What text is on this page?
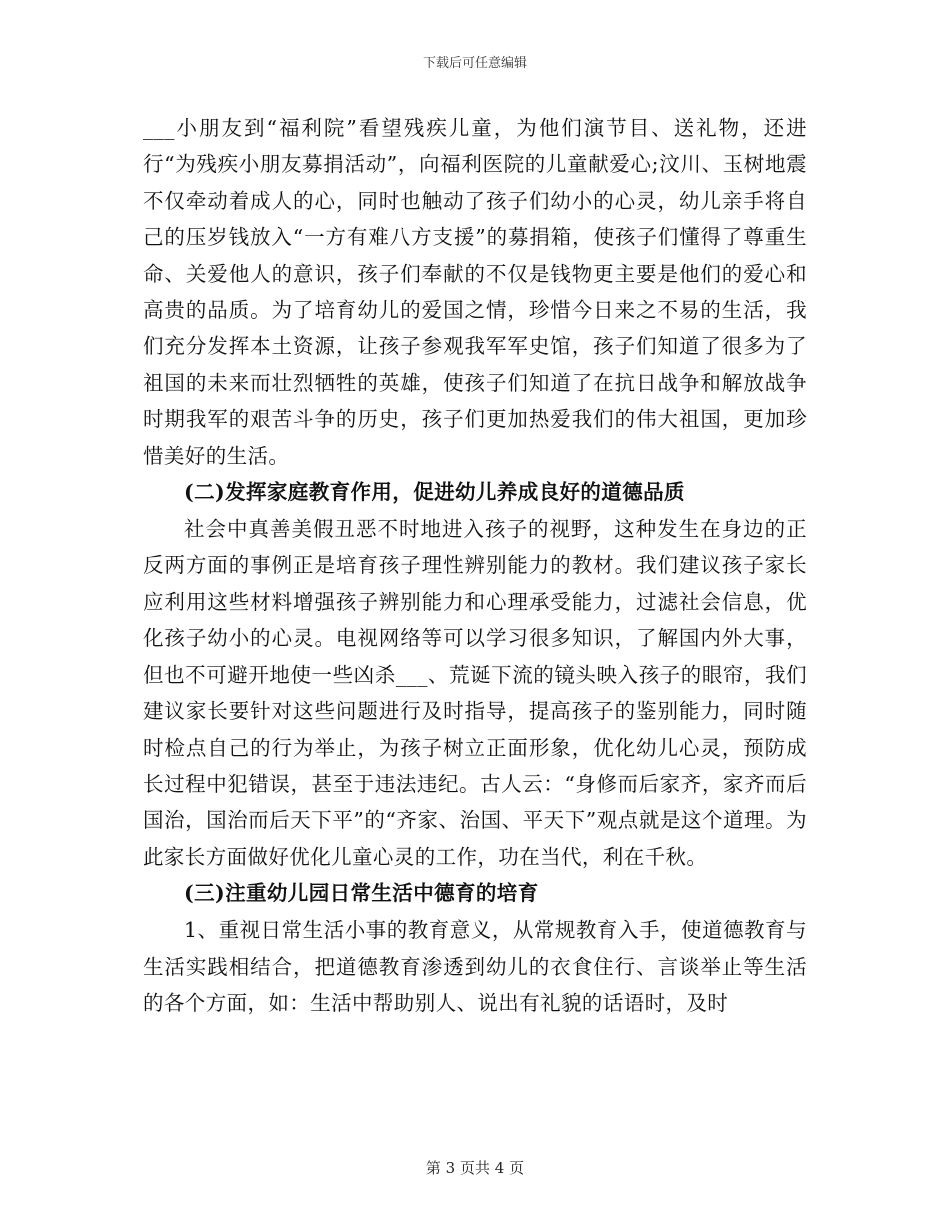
下载后可任意编辑

___小朋友到“福利院”看望残疾儿童，为他们演节目、送礼物，还进行“为残疾小朋友募捐活动”，向福利医院的儿童献爱心;汶川、玉树地震不仅牵动着成人的心，同时也触动了孩子们幼小的心灵，幼儿亲手将自己的压岁钱放入“一方有难八方支援”的募捐箱，使孩子们懂得了尊重生命、关爱他人的意识，孩子们奉献的不仅是钱物更主要是他们的爱心和高贵的品质。为了培育幼儿的爱国之情，珍惜今日来之不易的生活，我们充分发挥本土资源，让孩子参观我军军史馆，孩子们知道了很多为了祖国的未来而壮烈牺牲的英雄，使孩子们知道了在抗日战争和解放战争时期我军的艰苦斗争的历史，孩子们更加热爱我们的伟大祖国，更加珍惜美好的生活。

(二)发挥家庭教育作用，促进幼儿养成良好的道德品质

社会中真善美假丑恶不时地进入孩子的视野，这种发生在身边的正反两方面的事例正是培育孩子理性辨别能力的教材。我们建议孩子家长应利用这些材料增强孩子辨别能力和心理承受能力，过滤社会信息，优化孩子幼小的心灵。电视网络等可以学习很多知识，了解国内外大事，但也不可避开地使一些凶杀___、荒诞下流的镜头映入孩子的眼帘，我们建议家长要针对这些问题进行及时指导，提高孩子的鉴别能力，同时随时检点自己的行为举止，为孩子树立正面形象，优化幼儿心灵，预防成长过程中犯错误，甚至于违法违纪。古人云：“身修而后家齐，家齐而后国治，国治而后天下平”的“齐家、治国、平天下”观点就是这个道理。为此家长方面做好优化儿童心灵的工作，功在当代，利在千秋。

(三)注重幼儿园日常生活中德育的培育

1、重视日常生活小事的教育意义，从常规教育入手，使道德教育与生活实践相结合，把道德教育渗透到幼儿的衣食住行、言谈举止等生活的各个方面，如：生活中帮助别人、说出有礼貌的话语时，及时

第 3 页共 4 页
